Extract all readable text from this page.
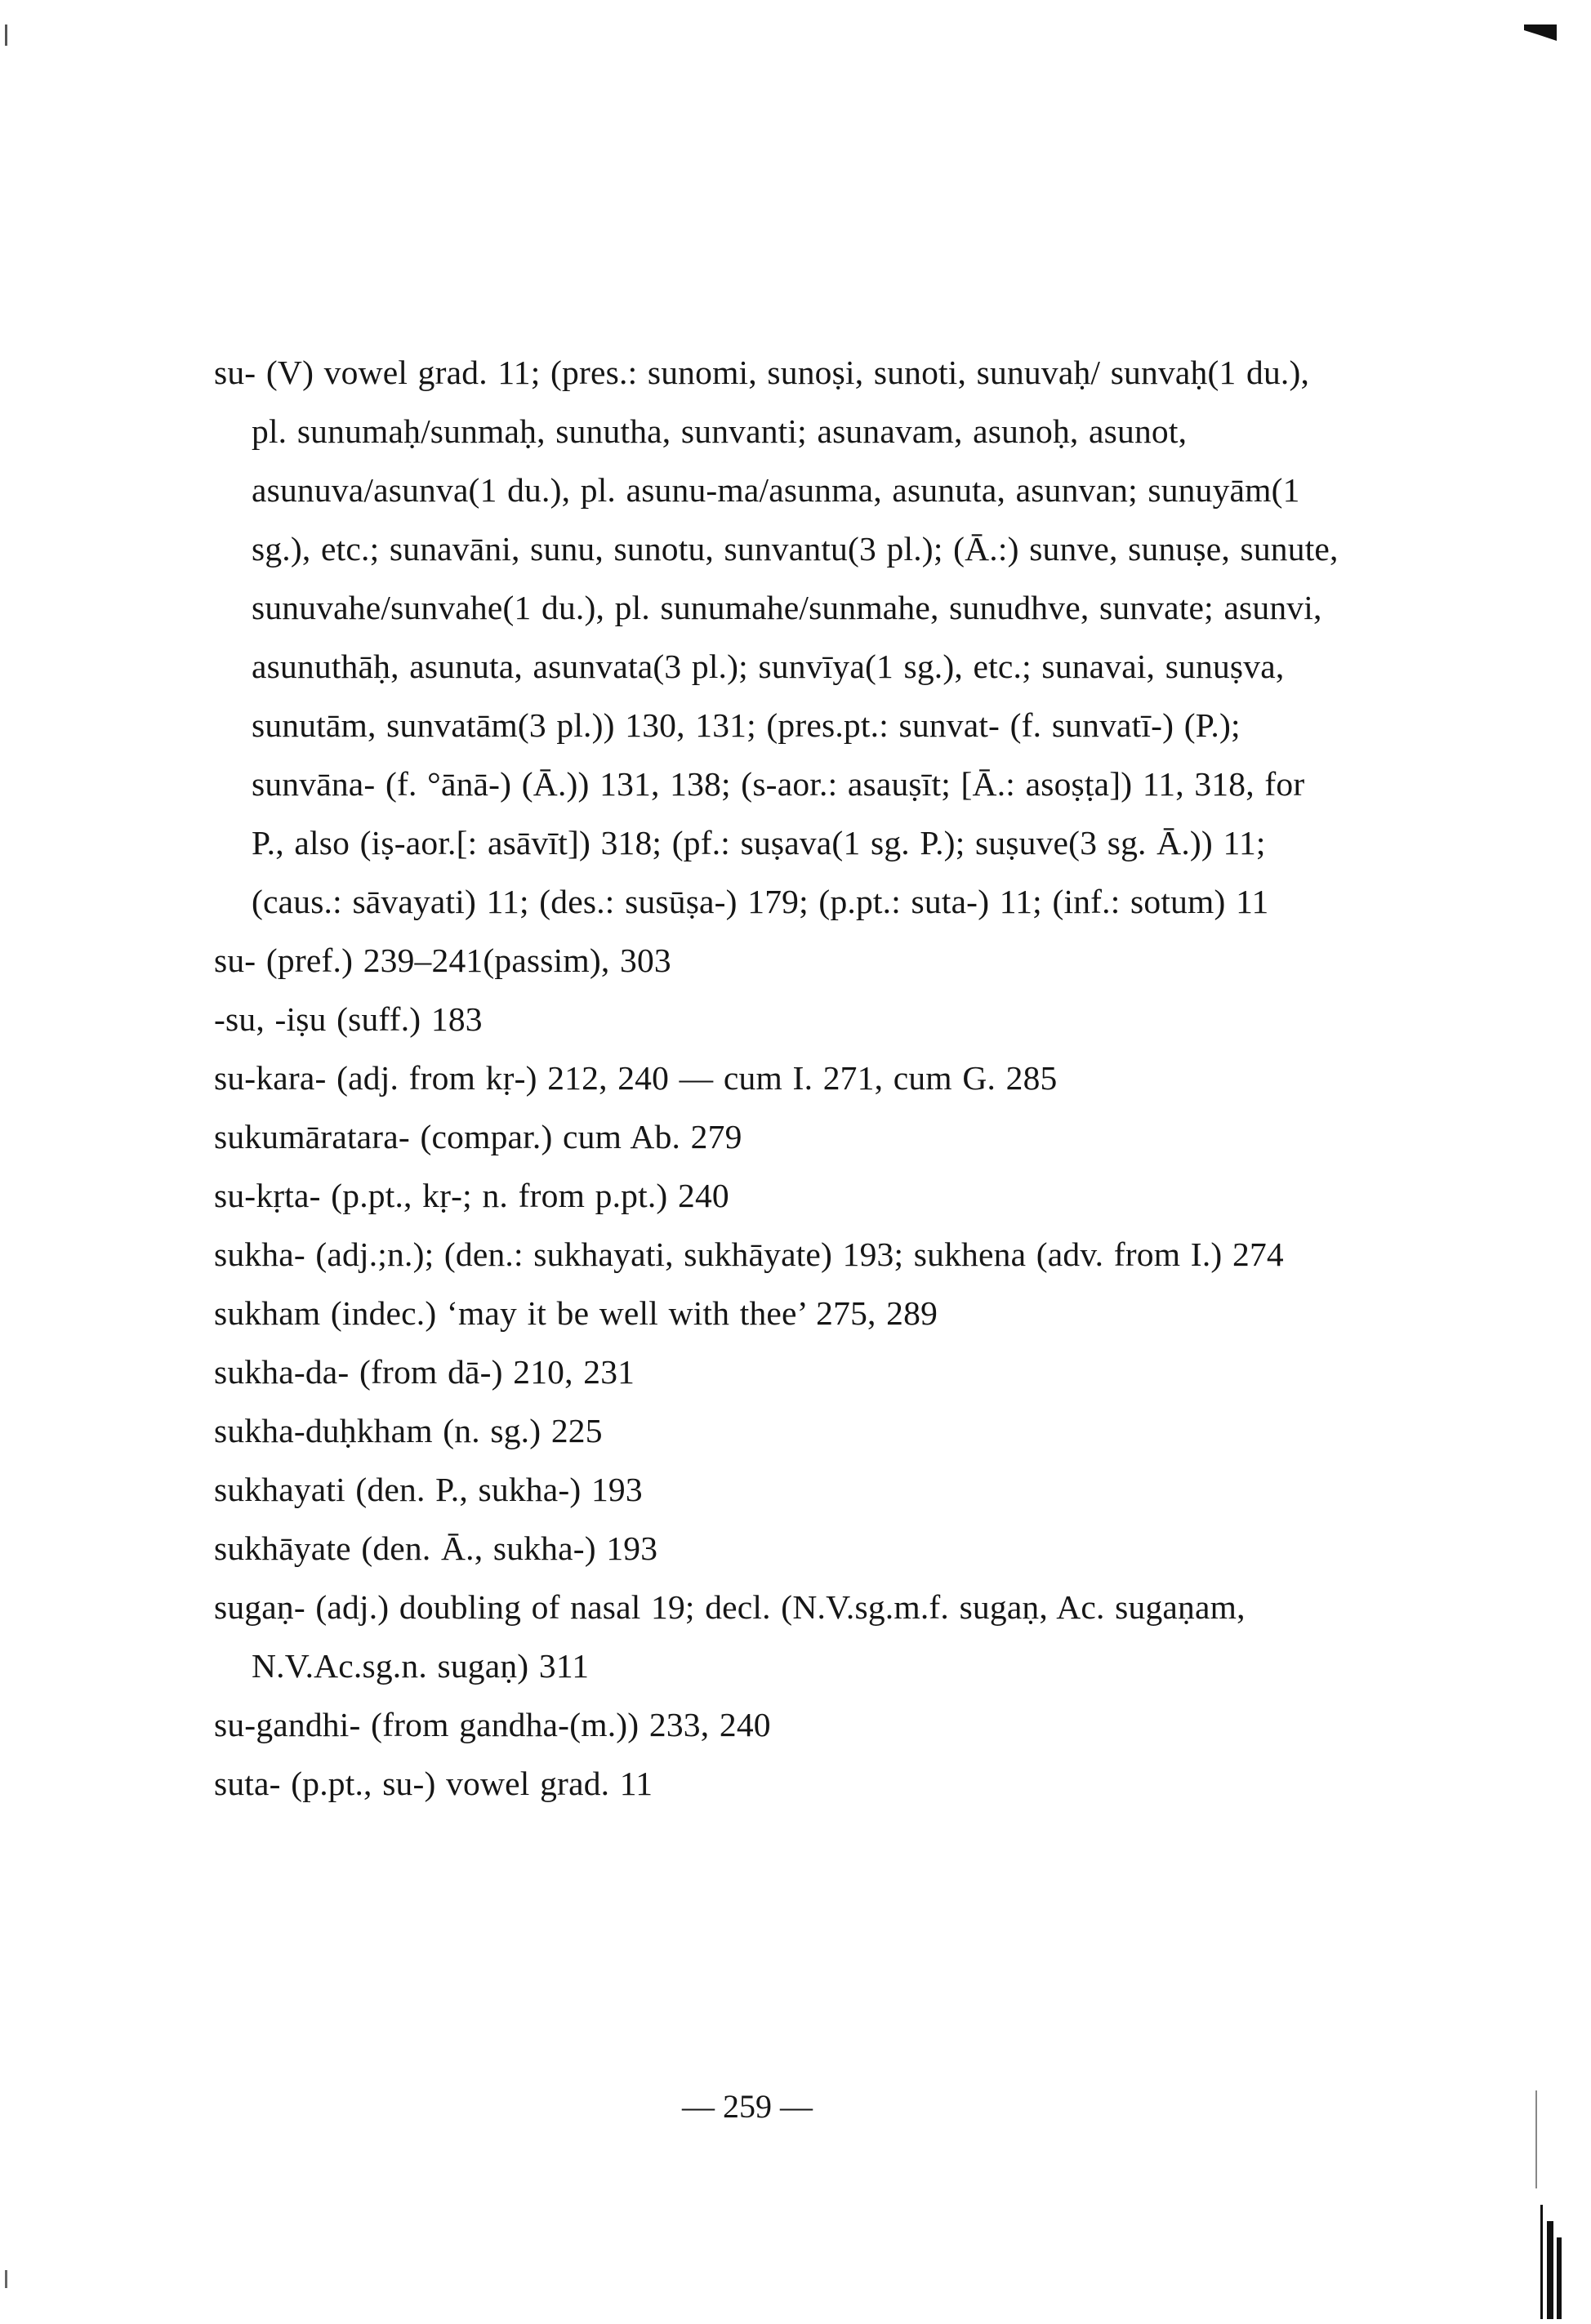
su- (V) vowel grad. 11; (pres.: sunomi, sunoṣi, sunoti, sunuvaḥ/ sunvaḥ(1 du.), pl. sunumaḥ/sunmaḥ, sunutha, sunvanti; asunavam, asunoḥ, asunot, asunuva/asunva(1 du.), pl. asunu-ma/asunma, asunuta, asunvan; sunuyām(1 sg.), etc.; sunavāni, sunu, sunotu, sunvantu(3 pl.); (Ā.:) sunve, sunuṣe, sunute, sunuvahe/sunvahe(1 du.), pl. sunumahe/sunmahe, sunudhve, sunvate; asunvi, asunuthāḥ, asunuta, asunvata(3 pl.); sunvīya(1 sg.), etc.; sunavai, sunuṣva, sunutām, sunvatām(3 pl.)) 130, 131; (pres.pt.: sunvat- (f. sunvatī-) (P.); sunvāna- (f. °ānā-) (Ā.)) 131, 138; (s-aor.: asauṣīt; [Ā.: asoṣṭa]) 11, 318, for P., also (iṣ-aor.[: asāvīt]) 318; (pf.: suṣava(1 sg. P.); suṣuve(3 sg. Ā.)) 11; (caus.: sāvayati) 11; (des.: susūṣa-) 179; (p.pt.: suta-) 11; (inf.: sotum) 11
su- (pref.) 239–241(passim), 303
-su, -iṣu (suff.) 183
su-kara- (adj. from kṛ-) 212, 240 — cum I. 271, cum G. 285
sukumāratara- (compar.) cum Ab. 279
su-kṛta- (p.pt., kṛ-; n. from p.pt.) 240
sukha- (adj.;n.); (den.: sukhayati, sukhāyate) 193; sukhena (adv. from I.) 274
sukham (indec.) ‘may it be well with thee’ 275, 289
sukha-da- (from dā-) 210, 231
sukha-duḥkham (n. sg.) 225
sukhayati (den. P., sukha-) 193
sukhāyate (den. Ā., sukha-) 193
sugaṇ- (adj.) doubling of nasal 19; decl. (N.V.sg.m.f. sugaṇ, Ac. sugaṇam, N.V.Ac.sg.n. sugaṇ) 311
su-gandhi- (from gandha-(m.)) 233, 240
suta- (p.pt., su-) vowel grad. 11
— 259 —
